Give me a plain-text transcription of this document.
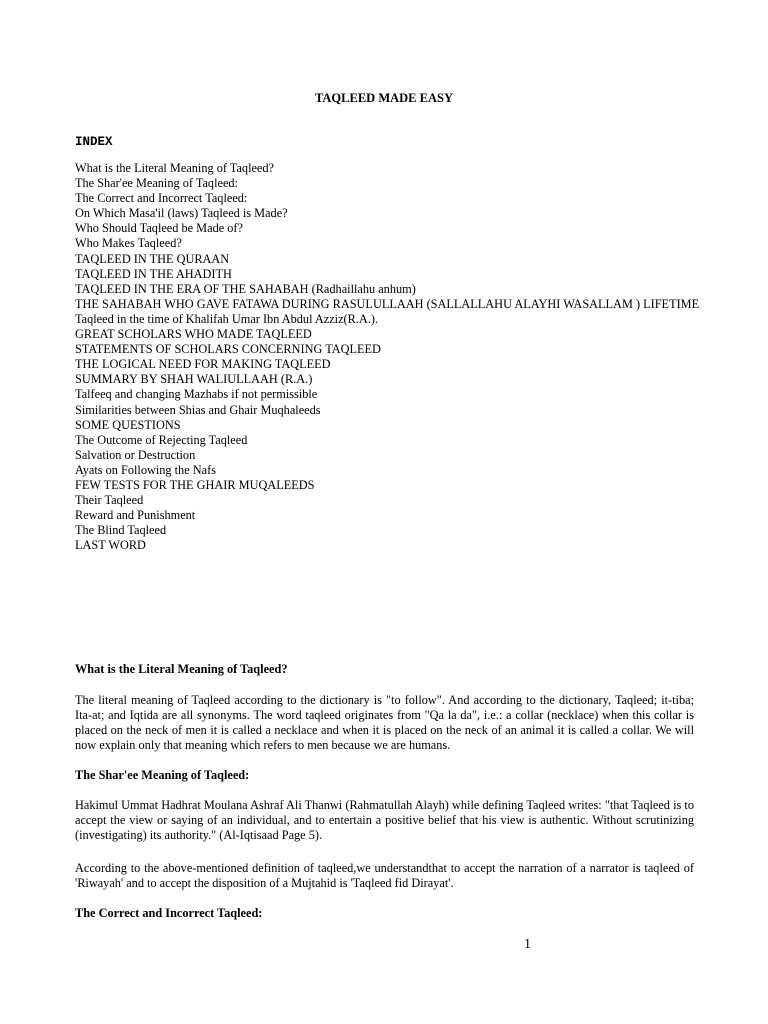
TAQLEED MADE EASY
INDEX
What is the Literal Meaning of Taqleed?
The Shar'ee Meaning of Taqleed:
The Correct and Incorrect Taqleed:
On Which Masa'il (laws) Taqleed is Made?
Who Should Taqleed be Made of?
Who Makes Taqleed?
TAQLEED IN THE QURAAN
TAQLEED IN THE AHADITH
TAQLEED IN THE ERA OF THE SAHABAH (Radhaillahu anhum)
THE SAHABAH WHO GAVE FATAWA DURING RASULULLAAH (SALLALLAHU ALAYHI WASALLAM ) LIFETIME
Taqleed in the time of Khalifah Umar Ibn Abdul Azziz(R.A.).
GREAT SCHOLARS WHO MADE TAQLEED
STATEMENTS OF SCHOLARS CONCERNING TAQLEED
THE LOGICAL NEED FOR MAKING TAQLEED
SUMMARY BY SHAH WALIULLAAH (R.A.)
Talfeeq and changing Mazhabs if not permissible
Similarities between Shias and Ghair Muqhaleeds
SOME QUESTIONS
The Outcome of Rejecting Taqleed
Salvation or Destruction
Ayats on Following the Nafs
FEW TESTS FOR THE GHAIR MUQALEEDS
Their Taqleed
Reward and Punishment
The Blind Taqleed
LAST WORD
What is the Literal Meaning of Taqleed?

The literal meaning of Taqleed according to the dictionary is "to follow". And according to the dictionary, Taqleed; it-tiba; Ita-at; and Iqtida are all synonyms. The word taqleed originates from "Qa la da", i.e.: a collar (necklace) when this collar is placed on the neck of men it is called a necklace and when it is placed on the neck of an animal it is called a collar. We will now explain only that meaning which refers to men because we are humans.

The Shar'ee Meaning of Taqleed:

Hakimul Ummat Hadhrat Moulana Ashraf Ali Thanwi (Rahmatullah Alayh) while defining Taqleed writes: "that Taqleed is to accept the view or saying of an individual, and to entertain a positive belief that his view is authentic. Without scrutinizing (investigating) its authority." (Al-Iqtisaad Page 5).

According to the above-mentioned definition of taqleed,we understandthat to accept the narration of a narrator is taqleed of 'Riwayah' and to accept the disposition of a Mujtahid is 'Taqleed fid Dirayat'.

The Correct and Incorrect Taqleed:
1
